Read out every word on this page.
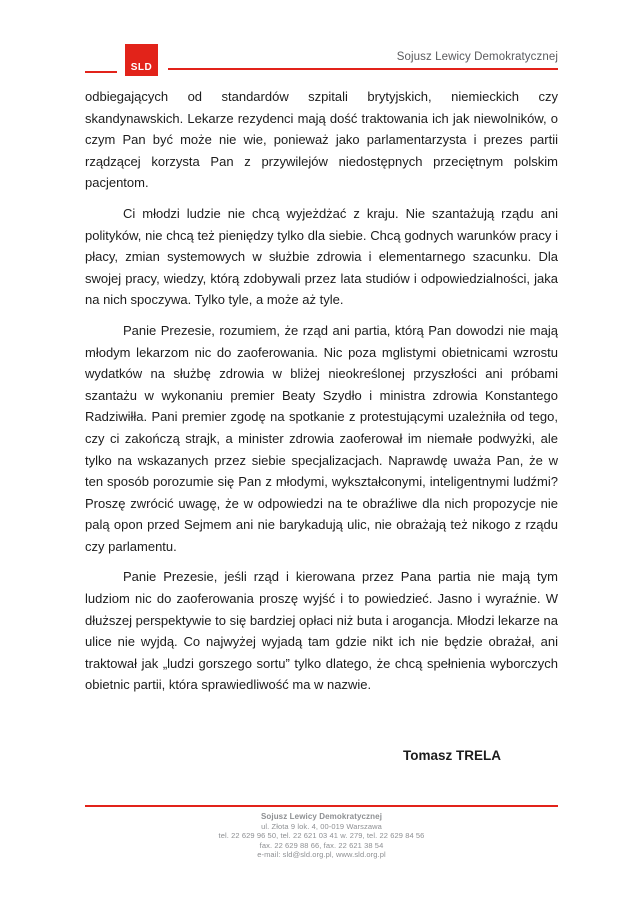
SLD
Sojusz Lewicy Demokratycznej

odbiegających od standardów szpitali brytyjskich, niemieckich czy skandynawskich. Lekarze rezydenci mają dość traktowania ich jak niewolników, o czym Pan być może nie wie, ponieważ jako parlamentarzysta i prezes partii rządzącej korzysta Pan z przywilejów niedostępnych przeciętnym polskim pacjentom.

Ci młodzi ludzie nie chcą wyjeżdżać z kraju. Nie szantażują rządu ani polityków, nie chcą też pieniędzy tylko dla siebie. Chcą godnych warunków pracy i płacy, zmian systemowych w służbie zdrowia i elementarnego szacunku. Dla swojej pracy, wiedzy, którą zdobywali przez lata studiów i odpowiedzialności, jaka na nich spoczywa. Tylko tyle, a może aż tyle.

Panie Prezesie, rozumiem, że rząd ani partia, którą Pan dowodzi nie mają młodym lekarzom nic do zaoferowania. Nic poza mglistymi obietnicami wzrostu wydatków na służbę zdrowia w bliżej nieokreślonej przyszłości ani próbami szantażu w wykonaniu premier Beaty Szydło i ministra zdrowia Konstantego Radziwiłła. Pani premier zgodę na spotkanie z protestującymi uzależniła od tego, czy ci zakończą strajk, a minister zdrowia zaoferował im niemałe podwyżki, ale tylko na wskazanych przez siebie specjalizacjach. Naprawdę uważa Pan, że w ten sposób porozumie się Pan z młodymi, wykształconymi, inteligentnymi ludźmi? Proszę zwrócić uwagę, że w odpowiedzi na te obraźliwe dla nich propozycje nie palą opon przed Sejmem ani nie barykadują ulic, nie obrażają też nikogo z rządu czy parlamentu.

Panie Prezesie, jeśli rząd i kierowana przez Pana partia nie mają tym ludziom nic do zaoferowania proszę wyjść i to powiedzieć. Jasno i wyraźnie. W dłuższej perspektywie to się bardziej opłaci niż buta i arogancja. Młodzi lekarze na ulice nie wyjdą. Co najwyżej wyjadą tam gdzie nikt ich nie będzie obrażał, ani traktował jak „ludzi gorszego sortu” tylko dlatego, że chcą spełnienia wyborczych obietnic partii, która sprawiedliwość ma w nazwie.

Tomasz TRELA
Sojusz Lewicy Demokratycznej
ul. Złota 9 lok. 4, 00-019 Warszawa
tel. 22 629 96 50, tel. 22 621 03 41 w. 279, tel. 22 629 84 56
fax. 22 629 88 66, fax. 22 621 38 54
e-mail: sld@sld.org.pl, www.sld.org.pl
